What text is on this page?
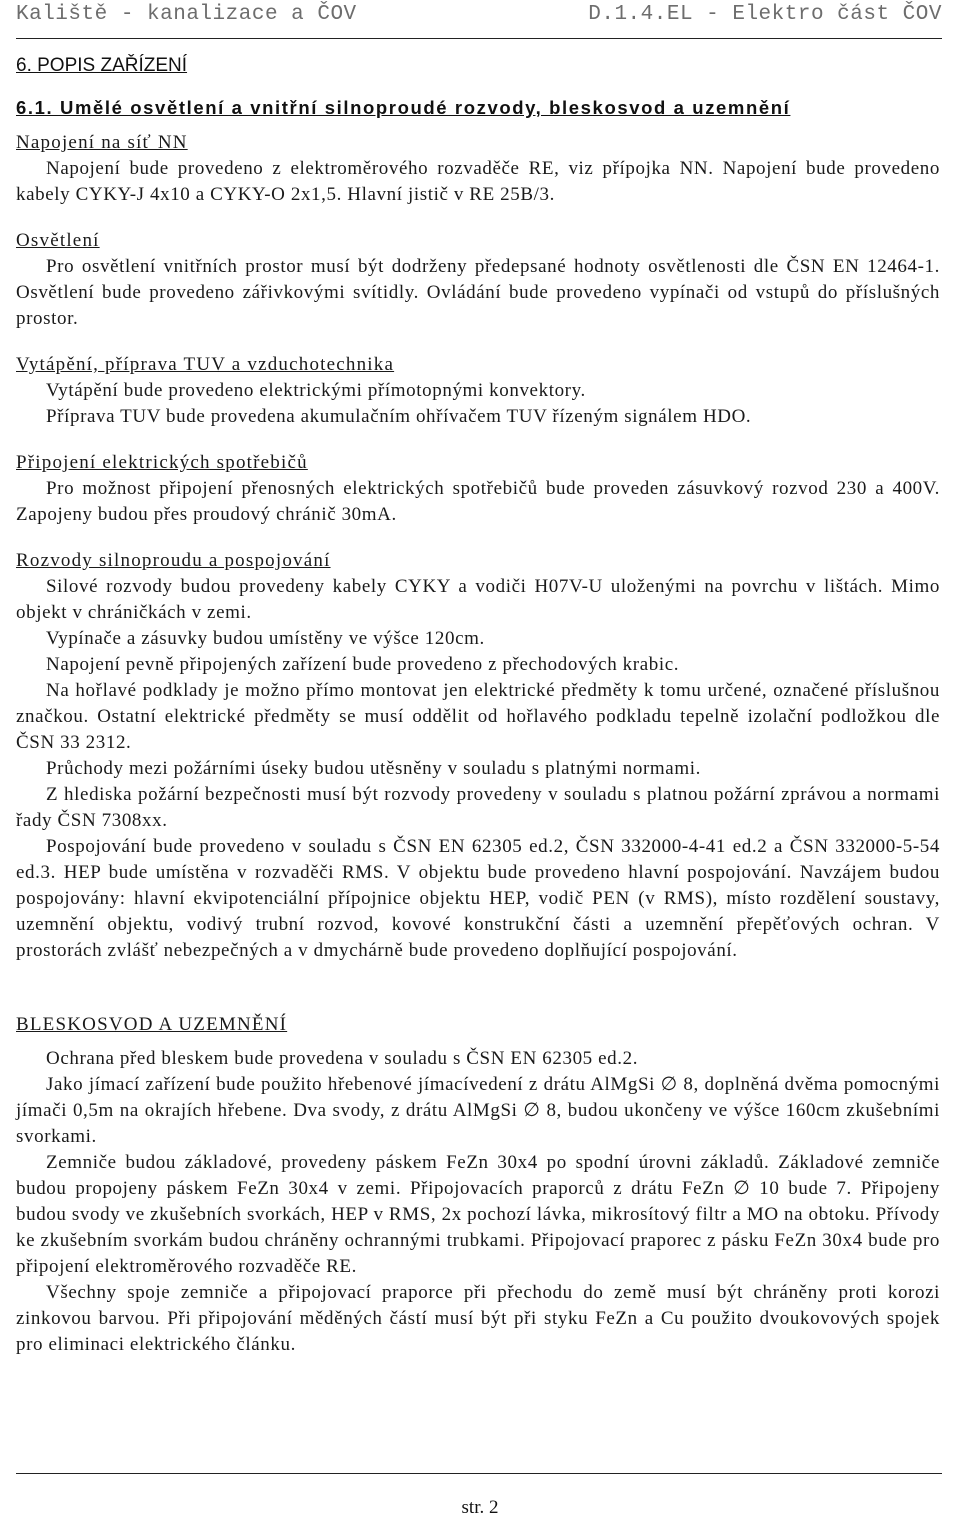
Kaliště - kanalizace a ČOV	D.1.4.EL - Elektro část ČOV
6. POPIS ZAŘÍZENÍ
6.1. Umělé osvětlení a vnitřní silnoproudé rozvody, bleskosvod a uzemnění
Napojení na síť NN

Napojení bude provedeno z elektroměrového rozvaděče RE, viz přípojka NN. Napojení bude provedeno kabely CYKY-J 4x10 a CYKY-O 2x1,5. Hlavní jistič v RE 25B/3.

Osvětlení

Pro osvětlení vnitřních prostor musí být dodrženy předepsané hodnoty osvětlenosti dle ČSN EN 12464-1. Osvětlení bude provedeno zářivkovými svítidly. Ovládání bude provedeno vypínači od vstupů do příslušných prostor.

Vytápění, příprava TUV a vzduchotechnika

Vytápění bude provedeno elektrickými přímotopnými konvektory.

Příprava TUV bude provedena akumulačním ohřívačem TUV řízeným signálem HDO.

Připojení elektrických spotřebičů

Pro možnost připojení přenosných elektrických spotřebičů bude proveden zásuvkový rozvod 230 a 400V. Zapojeny budou přes proudový chránič 30mA.

Rozvody silnoproudu a pospojování

Silové rozvody budou provedeny kabely CYKY a vodiči H07V-U uloženými na povrchu v lištách. Mimo objekt v chráničkách v zemi.

Vypínače a zásuvky budou umístěny ve výšce 120cm.

Napojení pevně připojených zařízení bude provedeno z přechodových krabic.

Na hořlavé podklady je možno přímo montovat jen elektrické předměty k tomu určené, označené příslušnou značkou. Ostatní elektrické předměty se musí oddělit od hořlavého podkladu tepelně izolační podložkou dle ČSN 33 2312.

Průchody mezi požárními úseky budou utěsněny v souladu s platnými normami.

Z hlediska požární bezpečnosti musí být rozvody provedeny v souladu s platnou požární zprávou a normami řady ČSN 7308xx.

Pospojování bude provedeno v souladu s ČSN EN 62305 ed.2, ČSN 332000-4-41 ed.2 a ČSN 332000-5-54 ed.3. HEP bude umístěna v rozvaděči RMS. V objektu bude provedeno hlavní pospojování. Navzájem budou pospojovány: hlavní ekvipotenciální přípojnice objektu HEP, vodič PEN (v RMS), místo rozdělení soustavy, uzemnění objektu, vodivý trubní rozvod, kovové konstrukční části a uzemnění přepěťových ochran. V prostorách zvlášť nebezpečných a v dmychárně bude provedeno doplňující pospojování.

BLESKOSVOD A UZEMNĚNÍ

Ochrana před bleskem bude provedena v souladu s ČSN EN 62305 ed.2.

Jako jímací zařízení bude použito hřebenové jímacívedení z drátu AlMgSi ∅ 8, doplněná dvěma pomocnými jímači 0,5m na okrajích hřebene. Dva svody, z drátu AlMgSi ∅ 8, budou ukončeny ve výšce 160cm zkušebními svorkami.

Zemniče budou základové, provedeny páskem FeZn 30x4 po spodní úrovni základů. Základové zemniče budou propojeny páskem FeZn 30x4 v zemi. Připojovacích praporců z drátu FeZn ∅ 10 bude 7. Připojeny budou svody ve zkušebních svorkách, HEP v RMS, 2x pochozí lávka, mikrosítový filtr a MO na obtoku. Přívody ke zkušebním svorkám budou chráněny ochrannými trubkami. Připojovací praporec z pásku FeZn 30x4 bude pro připojení elektroměrového rozvaděče RE.

Všechny spoje zemniče a připojovací praporce při přechodu do země musí být chráněny proti korozi zinkovou barvou. Při připojování měděných částí musí být při styku FeZn a Cu použito dvoukovových spojek pro eliminaci elektrického článku.

str. 2
